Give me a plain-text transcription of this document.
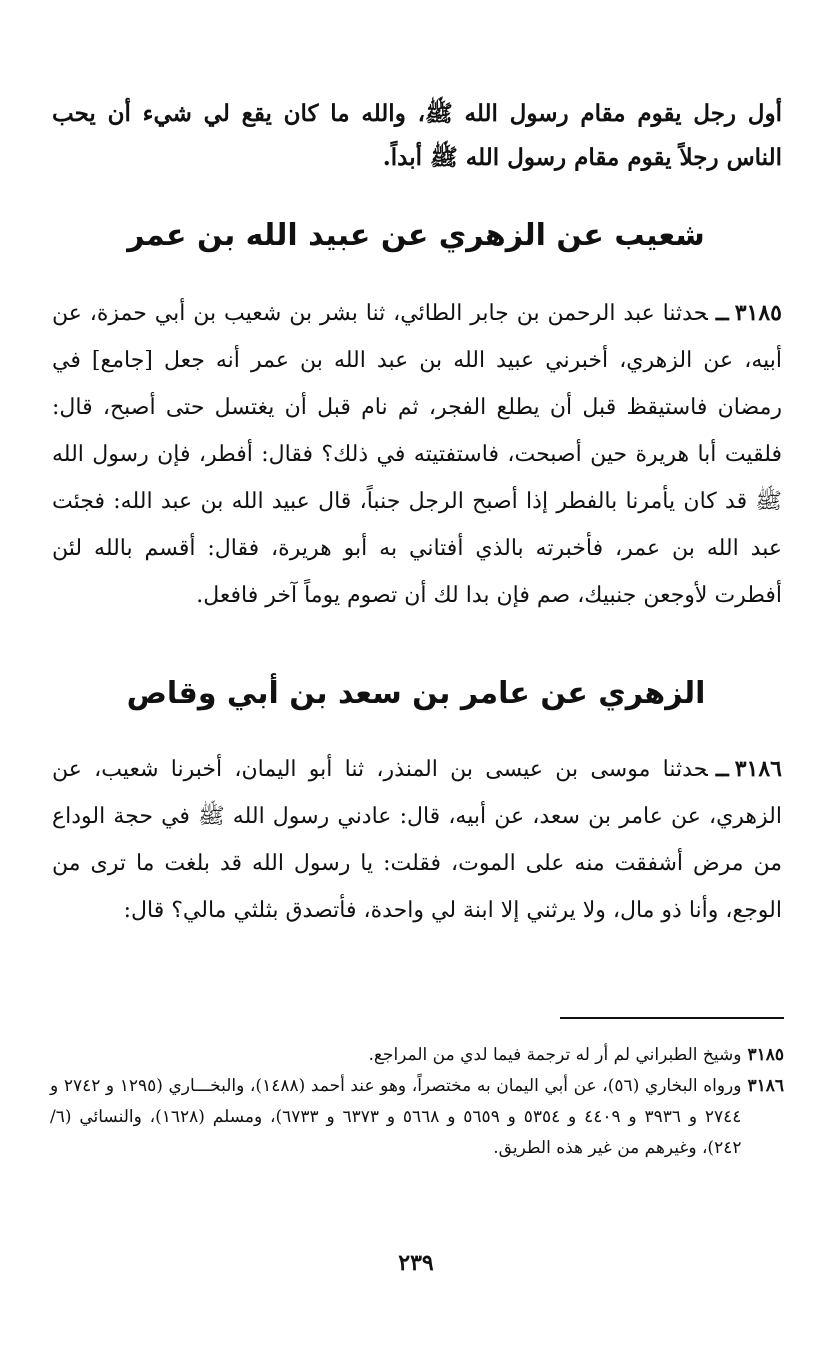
أول رجل يقوم مقام رسول الله ﷺ، والله ما كان يقع لي شيء أن يحب الناس رجلاً يقوم مقام رسول الله ﷺ أبداً.
شعيب عن الزهري عن عبيد الله بن عمر
٣١٨٥ــحدثنا عبد الرحمن بن جابر الطائي، ثنا بشر بن شعيب بن أبي حمزة، عن أبيه، عن الزهري، أخبرني عبيد الله بن عبد الله بن عمر أنه جعل [جامع] في رمضان فاستيقظ قبل أن يطلع الفجر، ثم نام قبل أن يغتسل حتى أصبح، قال: فلقيت أبا هريرة حين أصبحت، فاستفتيته في ذلك؟ فقال: أفطر، فإن رسول الله ﷺ قد كان يأمرنا بالفطر إذا أصبح الرجل جنباً، قال عبيد الله بن عبد الله: فجئت عبد الله بن عمر، فأخبرته بالذي أفتاني به أبو هريرة، فقال: أقسم بالله لئن أفطرت لأوجعن جنبيك، صم فإن بدا لك أن تصوم يوماً آخر فافعل.
الزهري عن عامر بن سعد بن أبي وقاص
٣١٨٦ــحدثنا موسى بن عيسى بن المنذر، ثنا أبو اليمان، أخبرنا شعيب، عن الزهري، عن عامر بن سعد، عن أبيه، قال: عادني رسول الله ﷺ في حجة الوداع من مرض أشفقت منه على الموت، فقلت: يا رسول الله قد بلغت ما ترى من الوجع، وأنا ذو مال، ولا يرثني إلا ابنة لي واحدة، فأتصدق بثلثي مالي؟ قال:
٣١٨٥
وشيخ الطبراني لم أر له ترجمة فيما لدي من المراجع.
٣١٨٦
ورواه البخاري (٥٦)، عن أبي اليمان به مختصراً، وهو عند أحمد (١٤٨٨)، والبخـــاري (١٢٩٥ و ٢٧٤٢ و ٢٧٤٤ و ٣٩٣٦ و ٤٤٠٩ و ٥٣٥٤ و ٥٦٥٩ و ٥٦٦٨ و ٦٣٧٣ و ٦٧٣٣)، ومسلم (١٦٢٨)، والنسائي (٦/ ٢٤٢)، وغيرهم من غير هذه الطريق.
٢٣٩
